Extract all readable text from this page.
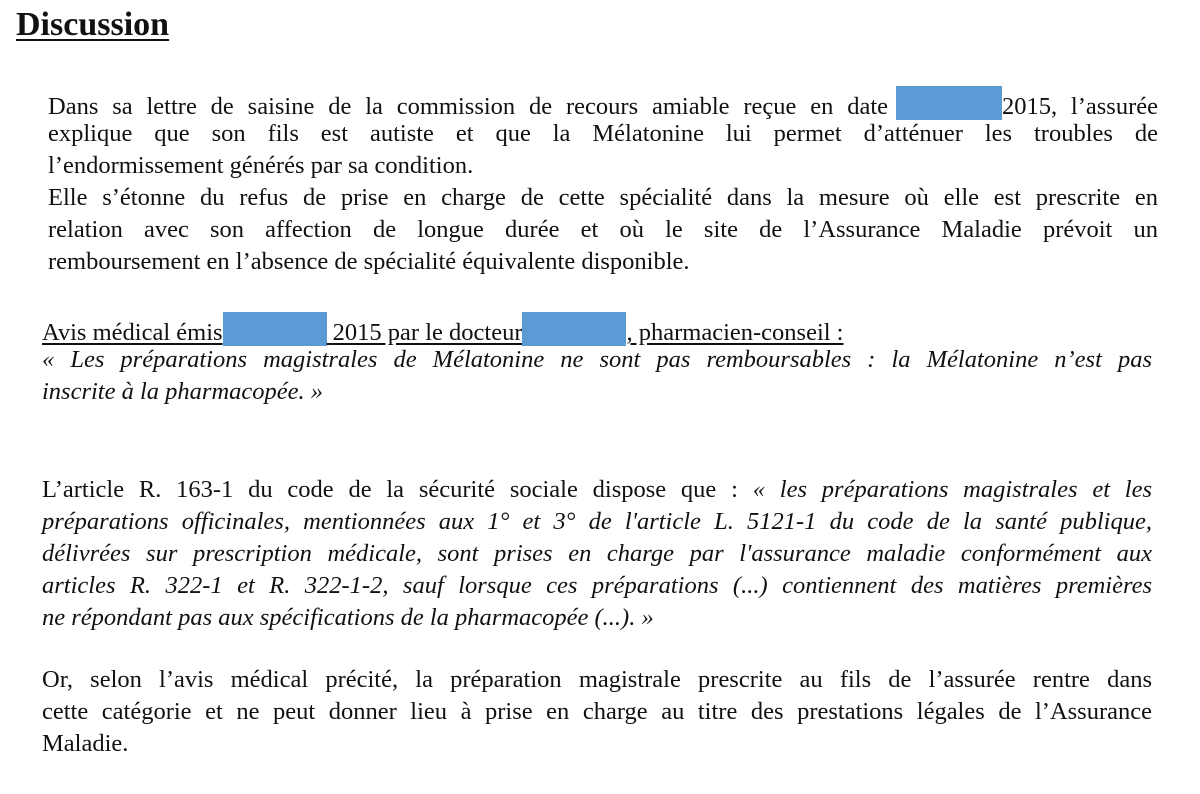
Discussion
Dans sa lettre de saisine de la commission de recours amiable reçue en date	2015, l’assurée
explique que son fils est autiste et que la Mélatonine lui permet d’atténuer les troubles de
l’endormissement générés par sa condition.
Elle s’étonne du refus de prise en charge de cette spécialité dans la mesure où elle est prescrite en
relation avec son affection de longue durée et où le site de l’Assurance Maladie prévoit un
remboursement en l’absence de spécialité équivalente disponible.
Avis médical émis	2015 par le docteur	, pharmacien-conseil :
« Les préparations magistrales de Mélatonine ne sont pas remboursables : la Mélatonine n’est pas
inscrite à la pharmacopée. »
L’article R. 163-1 du code de la sécurité sociale dispose que : « les préparations magistrales et les
préparations officinales, mentionnées aux 1° et 3° de l'article L. 5121-1 du code de la santé publique,
délivrées sur prescription médicale, sont prises en charge par l'assurance maladie conformément aux
articles R. 322-1 et R. 322-1-2, sauf lorsque ces préparations (...) contiennent des matières premières
ne répondant pas aux spécifications de la pharmacopée (...). »
Or, selon l’avis médical précité, la préparation magistrale prescrite au fils de l’assurée rentre dans
cette catégorie et ne peut donner lieu à prise en charge au titre des prestations légales de l’Assurance
Maladie.
